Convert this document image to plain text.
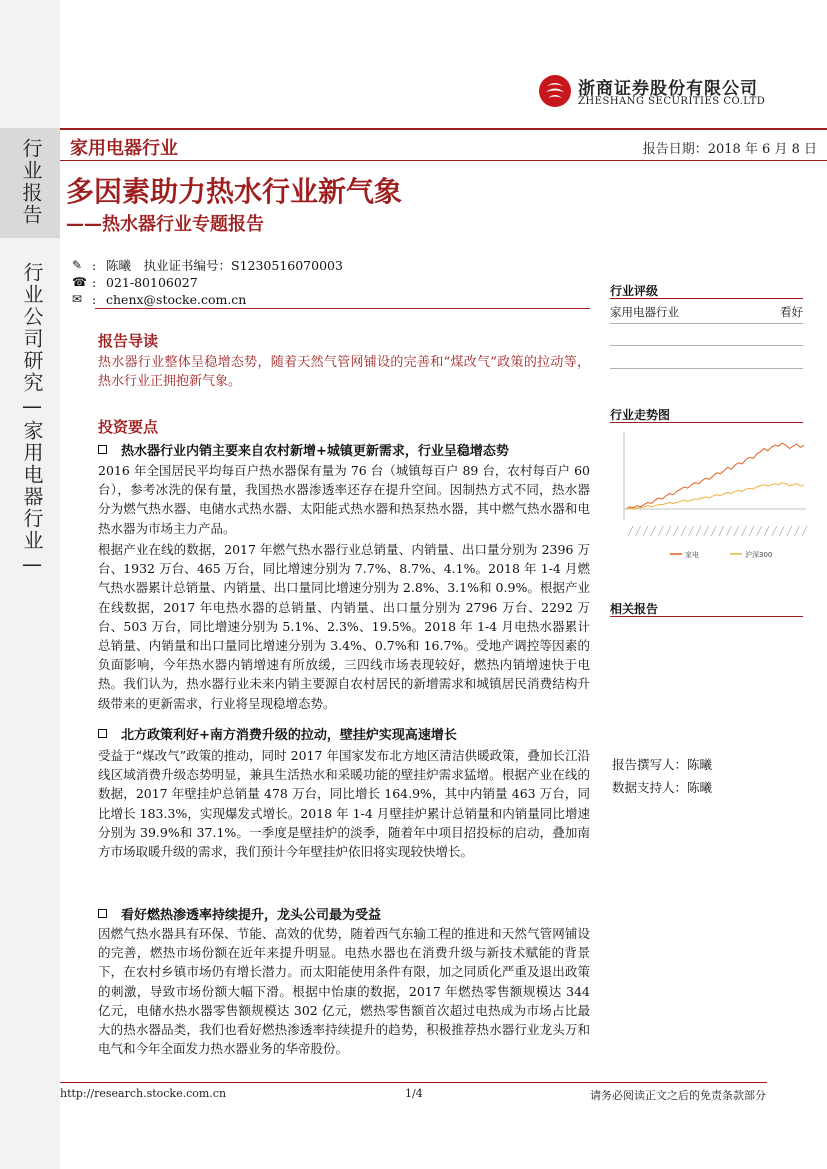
行业报告
行业公司研究—家用电器行业—
浙商证券股份有限公司
ZHESHANG SECURITIES CO.LTD
家用电器行业	报告日期：2018 年 6 月 8 日
多因素助力热水行业新气象
——热水器行业专题报告
✎ : 陈曦　执业证书编号：S1230516070003
☎ : 021-80106027
✉ : chenx@stocke.com.cn
报告导读
热水器行业整体呈稳增态势，随着天然气管网铺设的完善和“煤改气”政策的拉动等，热水行业正拥抱新气象。
投资要点
热水器行业内销主要来自农村新增+城镇更新需求，行业呈稳增态势
2016 年全国居民平均每百户热水器保有量为 76 台（城镇每百户 89 台，农村每百户 60 台），参考冰洗的保有量，我国热水器渗透率还存在提升空间。因制热方式不同，热水器分为燃气热水器、电储水式热水器、太阳能式热水器和热泵热水器，其中燃气热水器和电热水器为市场主力产品。
根据产业在线的数据，2017 年燃气热水器行业总销量、内销量、出口量分别为 2396 万台、1932 万台、465 万台，同比增速分别为 7.7%、8.7%、4.1%。2018 年 1-4 月燃气热水器累计总销量、内销量、出口量同比增速分别为 2.8%、3.1%和 0.9%。根据产业在线数据，2017 年电热水器的总销量、内销量、出口量分别为 2796 万台、2292 万台、503 万台，同比增速分别为 5.1%、2.3%、19.5%。2018 年 1-4 月电热水器累计总销量、内销量和出口量同比增速分别为 3.4%、0.7%和 16.7%。受地产调控等因素的负面影响，今年热水器内销增速有所放缓，三四线市场表现较好，燃热内销增速快于电热。我们认为，热水器行业未来内销主要源自农村居民的新增需求和城镇居民消费结构升级带来的更新需求，行业将呈现稳增态势。
北方政策利好+南方消费升级的拉动，壁挂炉实现高速增长
受益于“煤改气”政策的推动，同时 2017 年国家发布北方地区清洁供暖政策，叠加长江沿线区域消费升级态势明显，兼具生活热水和采暖功能的壁挂炉需求猛增。根据产业在线的数据，2017 年壁挂炉总销量 478 万台，同比增长 164.9%，其中内销量 463 万台，同比增长 183.3%，实现爆发式增长。2018 年 1-4 月壁挂炉累计总销量和内销量同比增速分别为 39.9%和 37.1%。一季度是壁挂炉的淡季，随着年中项目招投标的启动，叠加南方市场取暖升级的需求，我们预计今年壁挂炉依旧将实现较快增长。
看好燃热渗透率持续提升，龙头公司最为受益
因燃气热水器具有环保、节能、高效的优势，随着西气东输工程的推进和天然气管网铺设的完善，燃热市场份额在近年来提升明显。电热水器也在消费升级与新技术赋能的背景下，在农村乡镇市场仍有增长潜力。而太阳能使用条件有限，加之同质化严重及退出政策的刺激，导致市场份额大幅下滑。根据中怡康的数据，2017 年燃热零售额规模达 344 亿元，电储水热水器零售额规模达 302 亿元，燃热零售额首次超过电热成为市场占比最大的热水器品类，我们也看好燃热渗透率持续提升的趋势，积极推荐热水器行业龙头万和电气和今年全面发力热水器业务的华帝股份。
行业评级
家用电器行业	看好
行业走势图
家电	沪深300
相关报告
报告撰写人：陈曦
数据支持人：陈曦
http://research.stocke.com.cn	1/4	请务必阅读正文之后的免责条款部分
